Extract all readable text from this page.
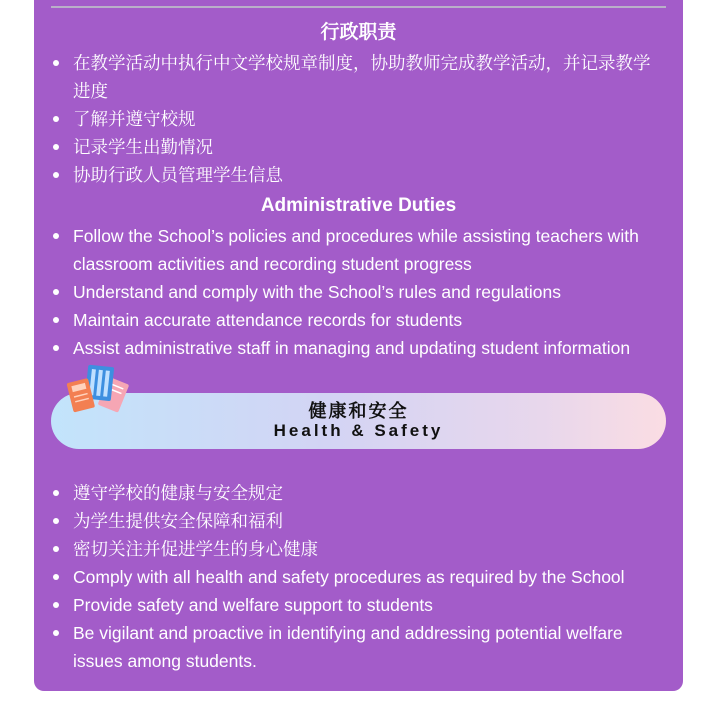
行政职责
在教学活动中执行中文学校规章制度，协助教师完成教学活动，并记录教学进度
了解并遵守校规
记录学生出勤情况
协助行政人员管理学生信息
Administrative Duties
Follow the School’s policies and procedures while assisting teachers with classroom activities and recording student progress
Understand and comply with the School’s rules and regulations
Maintain accurate attendance records for students
Assist administrative staff in managing and updating student information
健康和安全
Health & Safety
遵守学校的健康与安全规定
为学生提供安全保障和福利
密切关注并促进学生的身心健康
Comply with all health and safety procedures as required by the School
Provide safety and welfare support to students
Be vigilant and proactive in identifying and addressing potential welfare issues among students.
